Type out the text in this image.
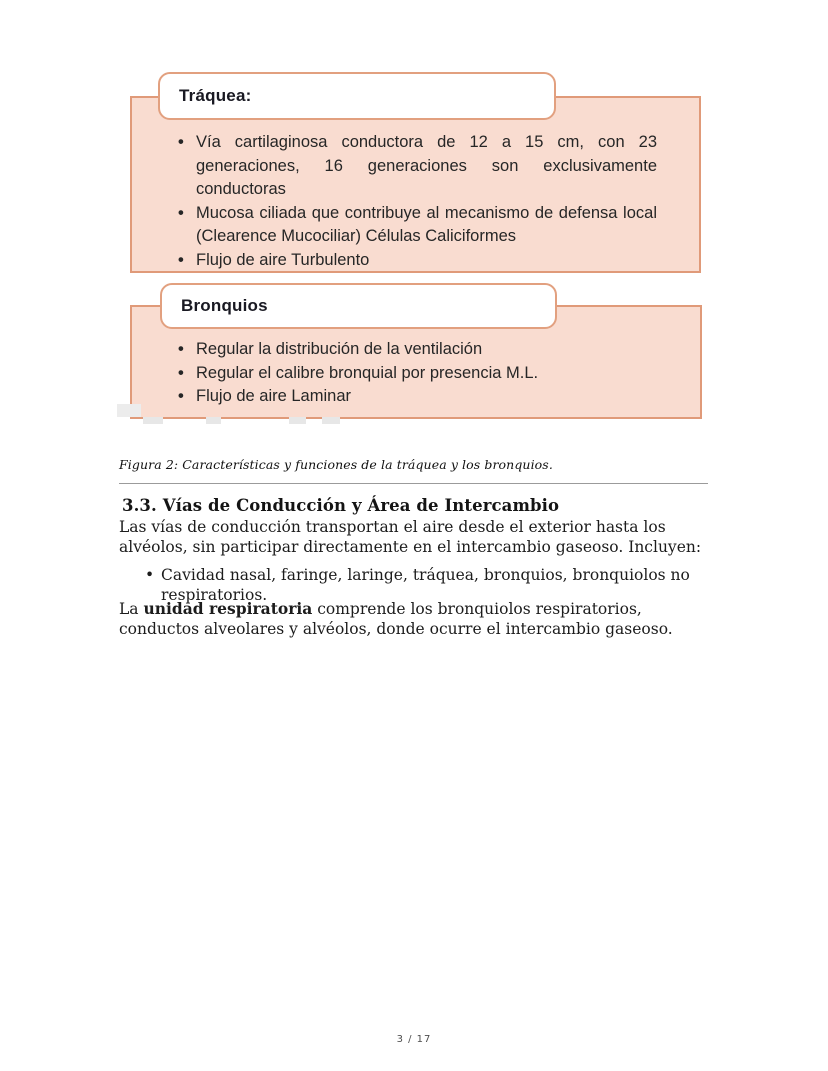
• Vía cartilaginosa conductora de 12 a 15 cm, con 23 generaciones, 16 generaciones son exclusivamente conductoras
• Mucosa ciliada que contribuye al mecanismo de defensa local (Clearence Mucociliar) Células Caliciformes
• Flujo de aire Turbulento
Tráquea:
• Regular la distribución de la ventilación
• Regular el calibre bronquial por presencia M.L.
• Flujo de aire Laminar
Bronquios
Figura 2: Características y funciones de la tráquea y los bronquios.
3.3. Vías de Conducción y Área de Intercambio

Las vías de conducción transportan el aire desde el exterior hasta los alvéolos, sin participar directamente en el intercambio gaseoso. Incluyen:

• Cavidad nasal, faringe, laringe, tráquea, bronquios, bronquiolos no respiratorios.

La unidad respiratoria comprende los bronquiolos respiratorios, conductos alveolares y alvéolos, donde ocurre el intercambio gaseoso.

3 / 17
